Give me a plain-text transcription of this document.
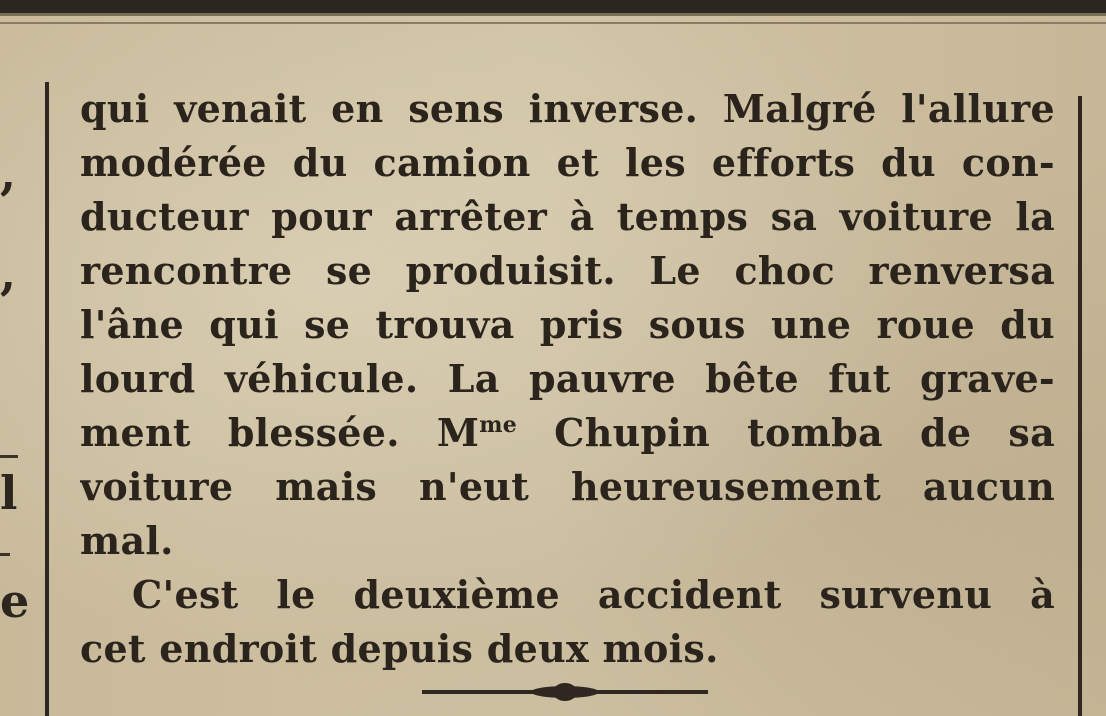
,
,
l
e
qui venait en sens inverse. Malgré l'allure
modérée du camion et les efforts du con-
ducteur pour arrêter à temps sa voiture la
rencontre se produisit. Le choc renversa
l'âne qui se trouva pris sous une roue du
lourd véhicule. La pauvre bête fut grave-
ment blessée. $M^{me}$ Chupin tomba de sa
voiture mais n'eut heureusement aucun
mal.
C'est le deuxième accident survenu à
cet endroit depuis deux mois.
